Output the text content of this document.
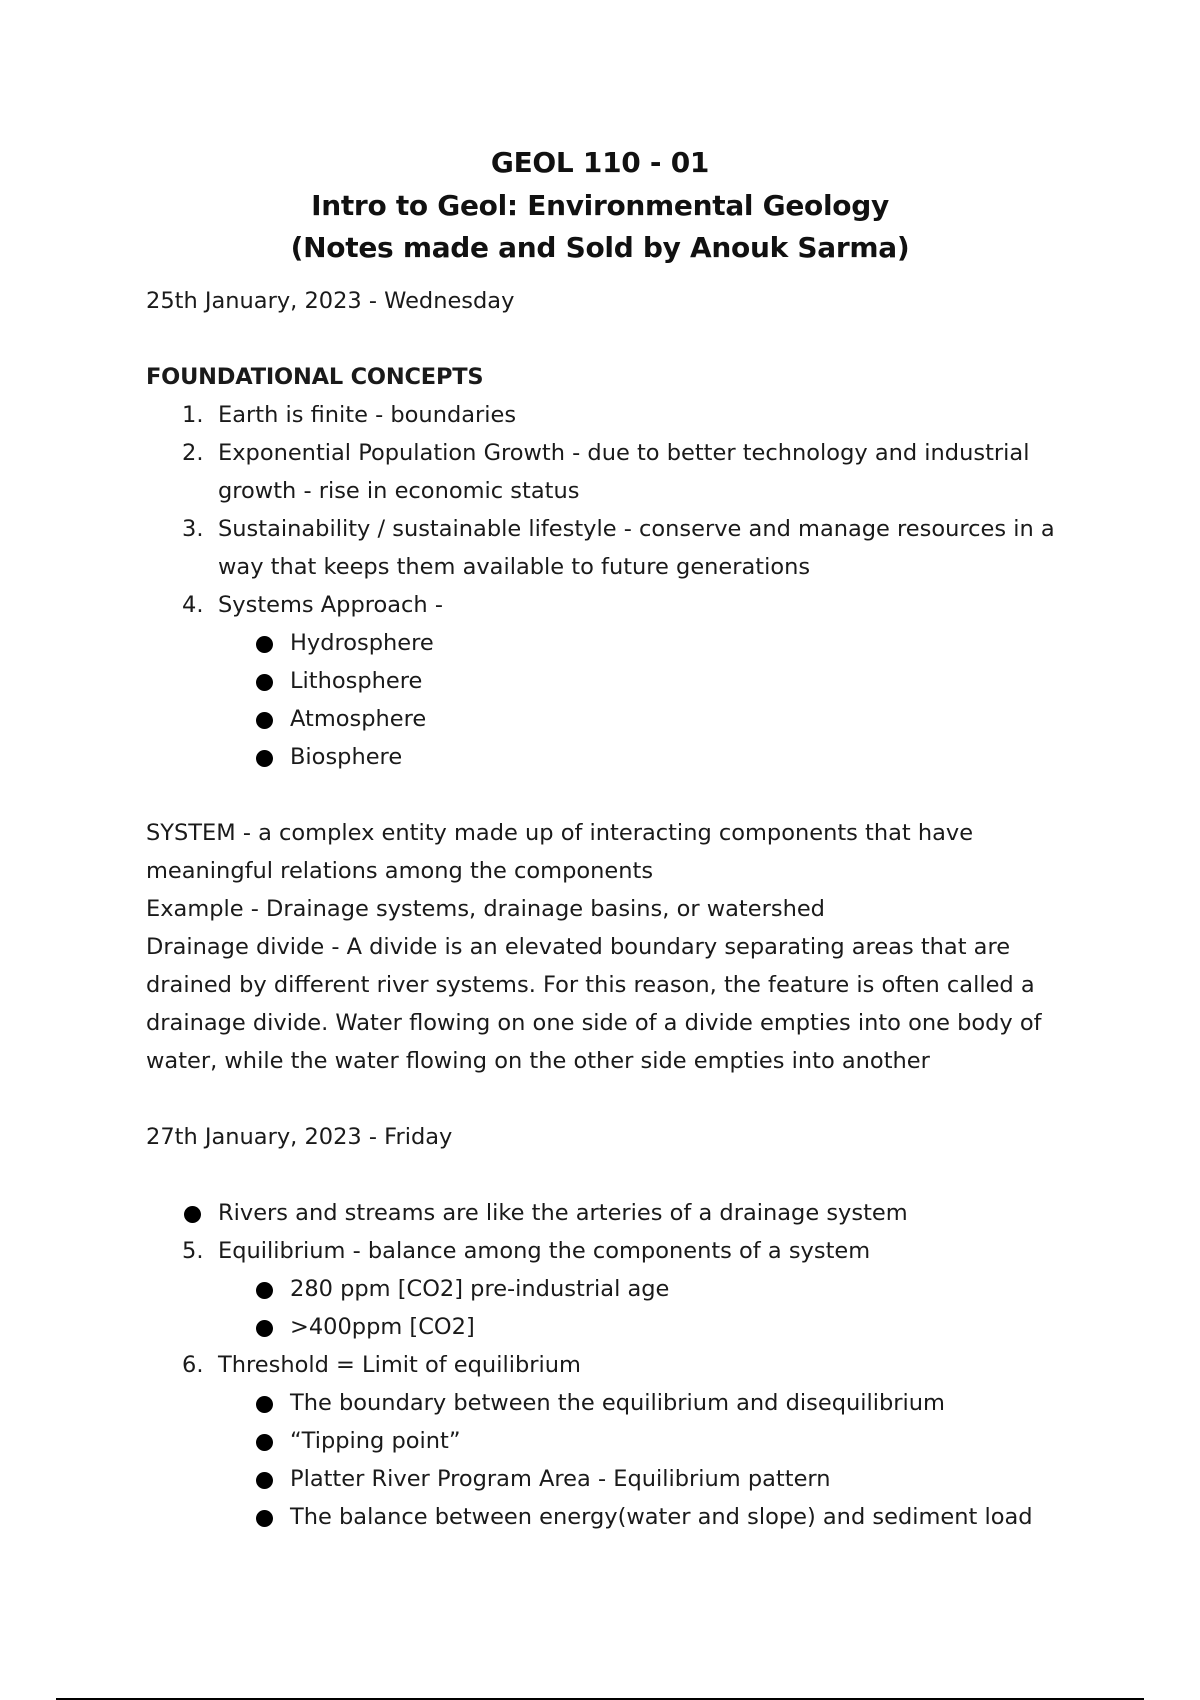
GEOL 110 - 01
Intro to Geol: Environmental Geology
(Notes made and Sold by Anouk Sarma)
25th January, 2023 - Wednesday
FOUNDATIONAL CONCEPTS
1. Earth is finite - boundaries
2. Exponential Population Growth - due to better technology and industrial
growth - rise in economic status
3. Sustainability / sustainable lifestyle - conserve and manage resources in a
way that keeps them available to future generations
4. Systems Approach -
Hydrosphere
Lithosphere
Atmosphere
Biosphere
SYSTEM - a complex entity made up of interacting components that have
meaningful relations among the components
Example - Drainage systems, drainage basins, or watershed
Drainage divide - A divide is an elevated boundary separating areas that are
drained by different river systems. For this reason, the feature is often called a
drainage divide. Water flowing on one side of a divide empties into one body of
water, while the water flowing on the other side empties into another
27th January, 2023 - Friday
Rivers and streams are like the arteries of a drainage system
5. Equilibrium - balance among the components of a system
280 ppm [CO2] pre-industrial age
>400ppm [CO2]
6. Threshold = Limit of equilibrium
The boundary between the equilibrium and disequilibrium
“Tipping point”
Platter River Program Area - Equilibrium pattern
The balance between energy(water and slope) and sediment load
